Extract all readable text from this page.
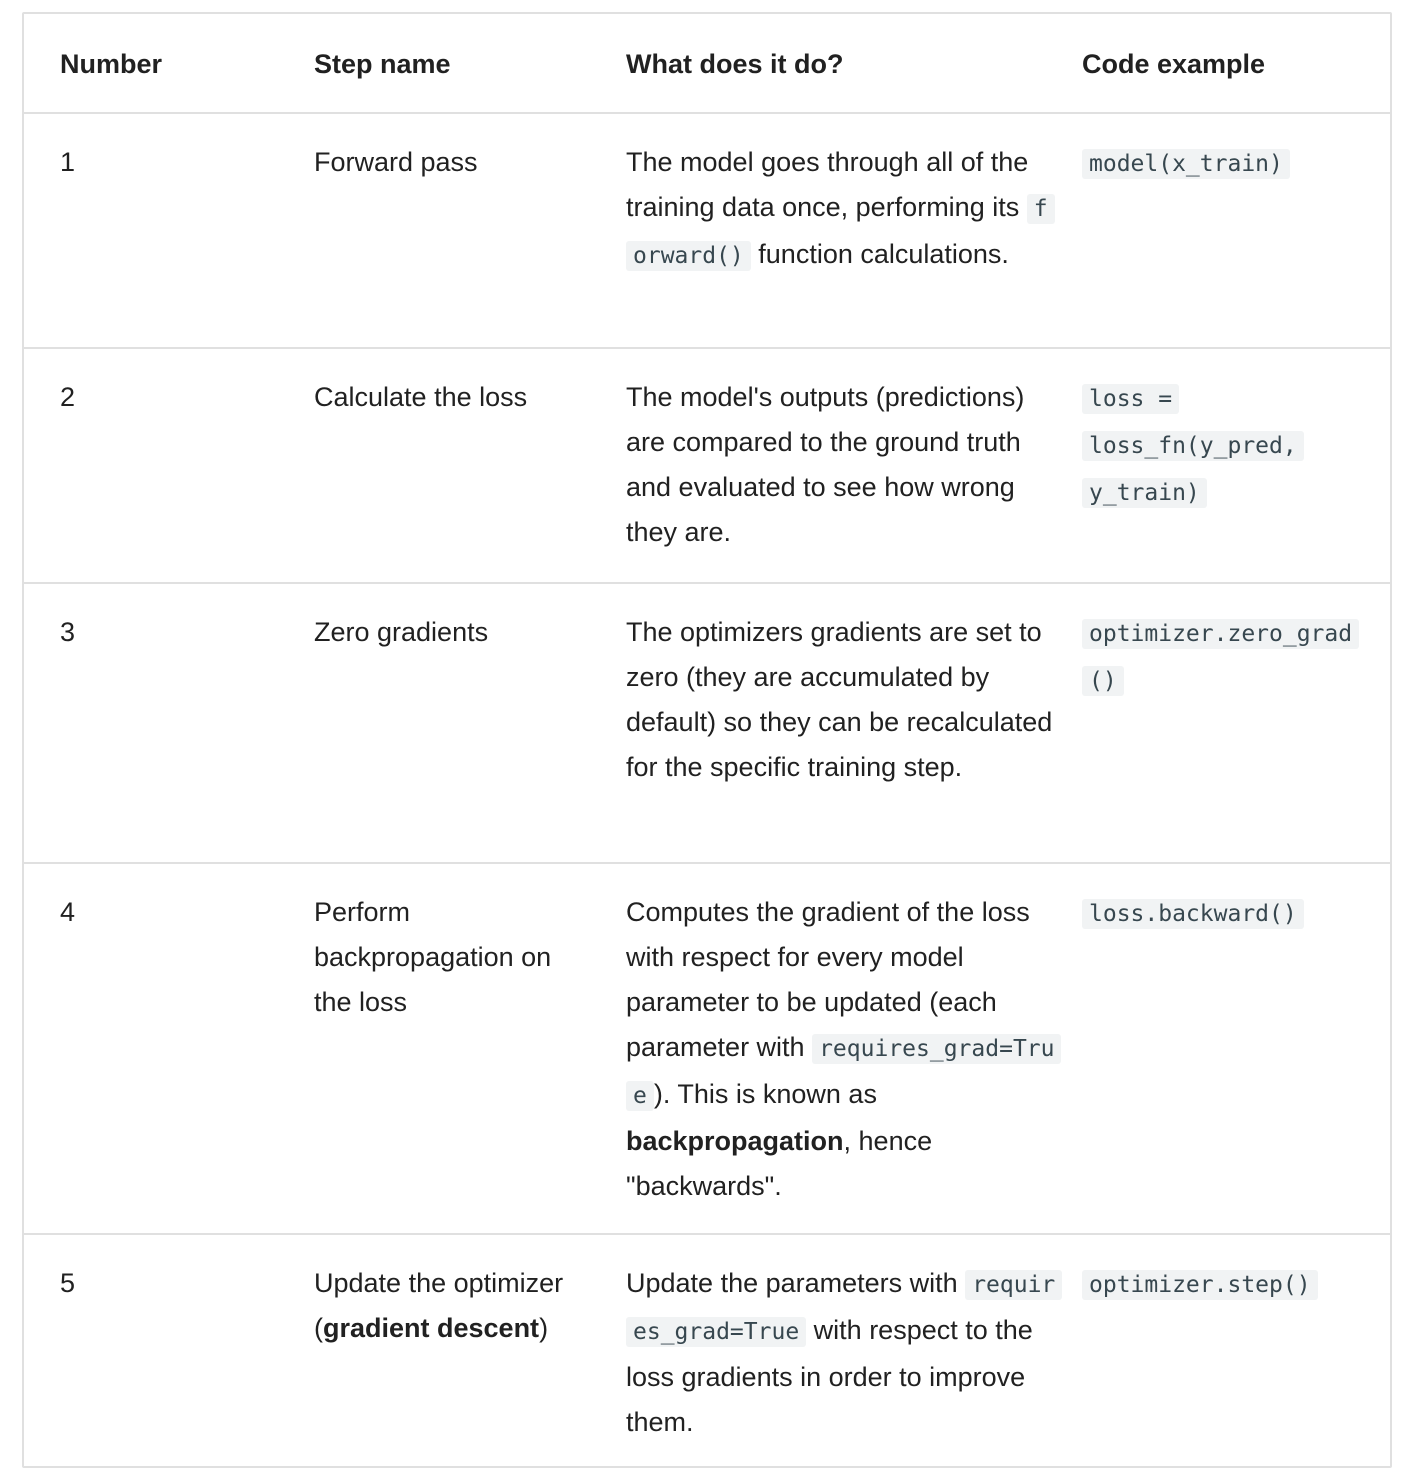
Number	Step name	What does it do?	Code example
1	Forward pass	The model goes through all of the training data once, performing its forward() function calculations.	model(x_train)
2	Calculate the loss	The model's outputs (predictions) are compared to the ground truth and evaluated to see how wrong they are.	loss = loss_fn(y_pred, y_train)
3	Zero gradients	The optimizers gradients are set to zero (they are accumulated by default) so they can be recalculated for the specific training step.	optimizer.zero_grad()
4	Perform backpropagation on the loss	Computes the gradient of the loss with respect for every model parameter to be updated (each parameter with requires_grad=True ). This is known as backpropagation, hence "backwards".	loss.backward()
5	Update the optimizer (gradient descent)	Update the parameters with requires_grad=True with respect to the loss gradients in order to improve them.	optimizer.step()
